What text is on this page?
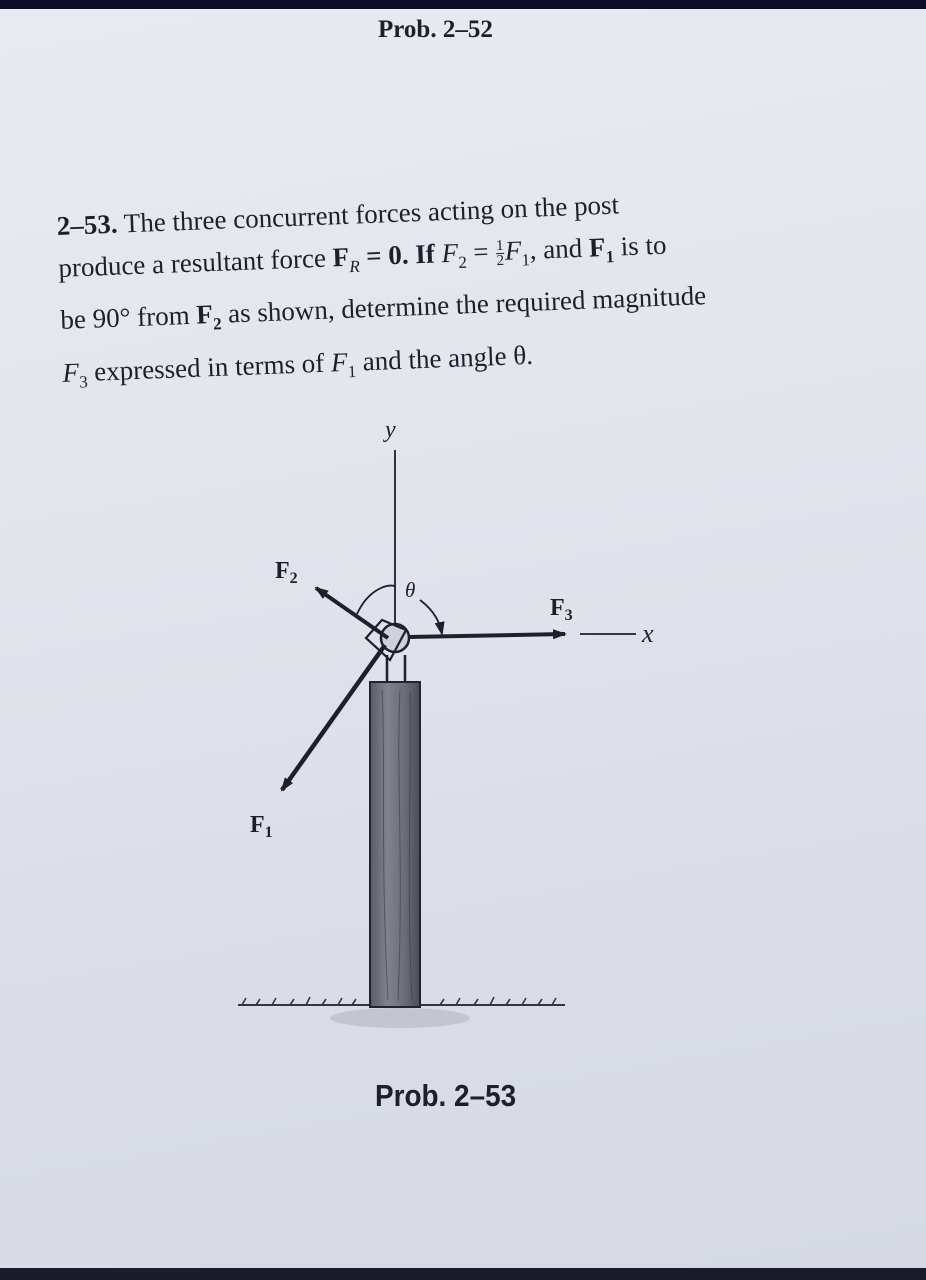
Prob. 2–52
2–53. The three concurrent forces acting on the post
produce a resultant force $F_R = 0$. If $F_2 = \frac{1}{2} F_1$, and $F_1$ is to
be 90° from $F_2$ as shown, determine the required magnitude
$F_3$ expressed in terms of $F_1$ and the angle θ.
y
x
$F_2$	θ
$F_3$
$F_1$
Prob. 2–53
